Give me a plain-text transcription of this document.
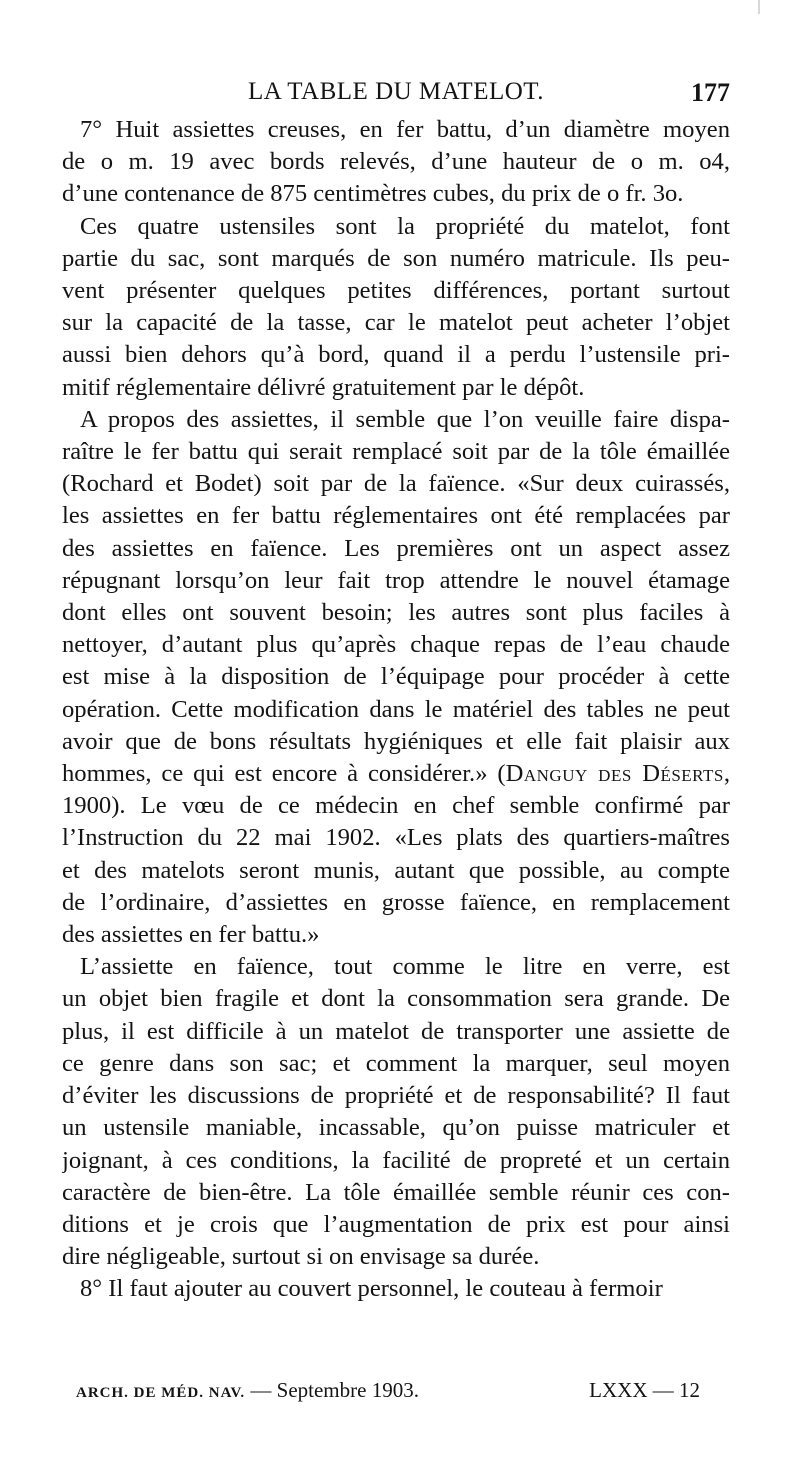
LA TABLE DU MATELOT.	177
7° Huit assiettes creuses, en fer battu, d’un diamètre moyen
de o m. 19 avec bords relevés, d’une hauteur de o m. o4,
d’une contenance de 875 centimètres cubes, du prix de o fr. 3o.
Ces quatre ustensiles sont la propriété du matelot, font
partie du sac, sont marqués de son numéro matricule. Ils peu-
vent présenter quelques petites différences, portant surtout
sur la capacité de la tasse, car le matelot peut acheter l’objet
aussi bien dehors qu’à bord, quand il a perdu l’ustensile pri-
mitif réglementaire délivré gratuitement par le dépôt.
A propos des assiettes, il semble que l’on veuille faire dispa-
raître le fer battu qui serait remplacé soit par de la tôle émaillée
(Rochard et Bodet) soit par de la faïence. «Sur deux cuirassés,
les assiettes en fer battu réglementaires ont été remplacées par
des assiettes en faïence. Les premières ont un aspect assez
répugnant lorsqu’on leur fait trop attendre le nouvel étamage
dont elles ont souvent besoin; les autres sont plus faciles à
nettoyer, d’autant plus qu’après chaque repas de l’eau chaude
est mise à la disposition de l’équipage pour procéder à cette
opération. Cette modification dans le matériel des tables ne peut
avoir que de bons résultats hygiéniques et elle fait plaisir aux
hommes, ce qui est encore à considérer.» (Danguy des Déserts,
1900). Le vœu de ce médecin en chef semble confirmé par
l’Instruction du 22 mai 1902. «Les plats des quartiers-maîtres
et des matelots seront munis, autant que possible, au compte
de l’ordinaire, d’assiettes en grosse faïence, en remplacement
des assiettes en fer battu.»
L’assiette en faïence, tout comme le litre en verre, est
un objet bien fragile et dont la consommation sera grande. De
plus, il est difficile à un matelot de transporter une assiette de
ce genre dans son sac; et comment la marquer, seul moyen
d’éviter les discussions de propriété et de responsabilité? Il faut
un ustensile maniable, incassable, qu’on puisse matriculer et
joignant, à ces conditions, la facilité de propreté et un certain
caractère de bien-être. La tôle émaillée semble réunir ces con-
ditions et je crois que l’augmentation de prix est pour ainsi
dire négligeable, surtout si on envisage sa durée.
8° Il faut ajouter au couvert personnel, le couteau à fermoir
ARCH. DE MÉD. NAV. — Septembre 1903.	LXXX — 12
